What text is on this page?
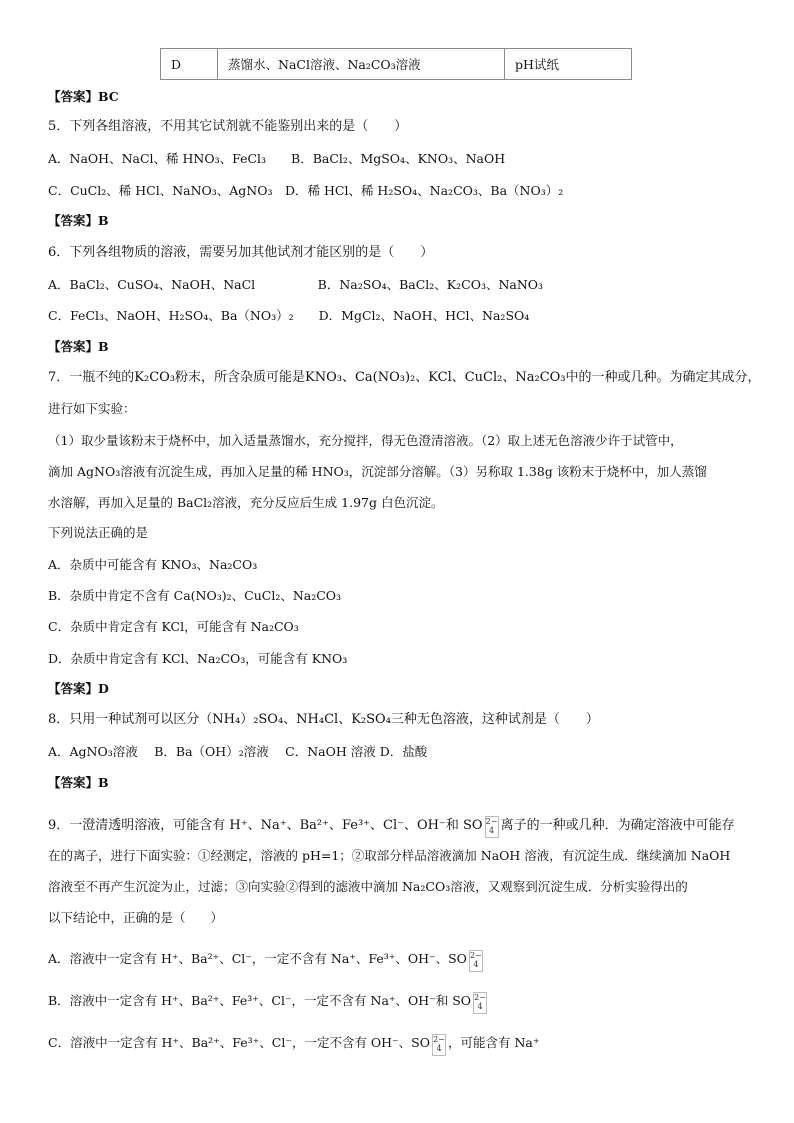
D	蒸馏水、NaCl溶液、Na₂CO₃溶液	pH试纸
【答案】BC
5．下列各组溶液，不用其它试剂就不能鉴别出来的是（　　）
A．NaOH、NaCl、稀 HNO₃、FeCl₃　　B．BaCl₂、MgSO₄、KNO₃、NaOH
C．CuCl₂、稀 HCl、NaNO₃、AgNO₃　D．稀 HCl、稀 H₂SO₄、Na₂CO₃、Ba（NO₃）₂
【答案】B
6．下列各组物质的溶液，需要另加其他试剂才能区别的是（　　）
A．BaCl₂、CuSO₄、NaOH、NaCl　　　　　B．Na₂SO₄、BaCl₂、K₂CO₃、NaNO₃
C．FeCl₃、NaOH、H₂SO₄、Ba（NO₃）₂　　D．MgCl₂、NaOH、HCl、Na₂SO₄
【答案】B
7．一瓶不纯的K₂CO₃粉末，所含杂质可能是KNO₃、Ca(NO₃)₂、KCl、CuCl₂、Na₂CO₃中的一种或几种。为确定其成分，
进行如下实验：
（1）取少量该粉末于烧杯中，加入适量蒸馏水，充分搅拌，得无色澄清溶液。（2）取上述无色溶液少许于试管中，
滴加 AgNO₃溶液有沉淀生成，再加入足量的稀 HNO₃，沉淀部分溶解。（3）另称取 1.38g 该粉末于烧杯中，加人蒸馏
水溶解，再加入足量的 BaCl₂溶液，充分反应后生成 1.97g 白色沉淀。
下列说法正确的是
A．杂质中可能含有 KNO₃、Na₂CO₃
B．杂质中肯定不含有 Ca(NO₃)₂、CuCl₂、Na₂CO₃
C．杂质中肯定含有 KCl，可能含有 Na₂CO₃
D．杂质中肯定含有 KCl、Na₂CO₃，可能含有 KNO₃
【答案】D
8．只用一种试剂可以区分（NH₄）₂SO₄、NH₄Cl、K₂SO₄三种无色溶液，这种试剂是（　　）
A．AgNO₃溶液　 B．Ba（OH）₂溶液　 C．NaOH 溶液 D．盐酸
【答案】B
9．一澄清透明溶液，可能含有 H⁺、Na⁺、Ba²⁺、Fe³⁺、Cl⁻、OH⁻和 SO 2−
4 离子的一种或几种．为确定溶液中可能存
在的离子，进行下面实验：①经测定，溶液的 pH=1；②取部分样品溶液滴加 NaOH 溶液，有沉淀生成．继续滴加 NaOH
溶液至不再产生沉淀为止，过滤；③向实验②得到的滤液中滴加 Na₂CO₃溶液，又观察到沉淀生成．分析实验得出的
以下结论中，正确的是（　　）
A．溶液中一定含有 H⁺、Ba²⁺、Cl⁻，一定不含有 Na⁺、Fe³⁺、OH⁻、SO 2−
4
B．溶液中一定含有 H⁺、Ba²⁺、Fe³⁺、Cl⁻，一定不含有 Na⁺、OH⁻和 SO 2−
4
C．溶液中一定含有 H⁺、Ba²⁺、Fe³⁺、Cl⁻，一定不含有 OH⁻、SO 2−
4 ，可能含有 Na⁺
